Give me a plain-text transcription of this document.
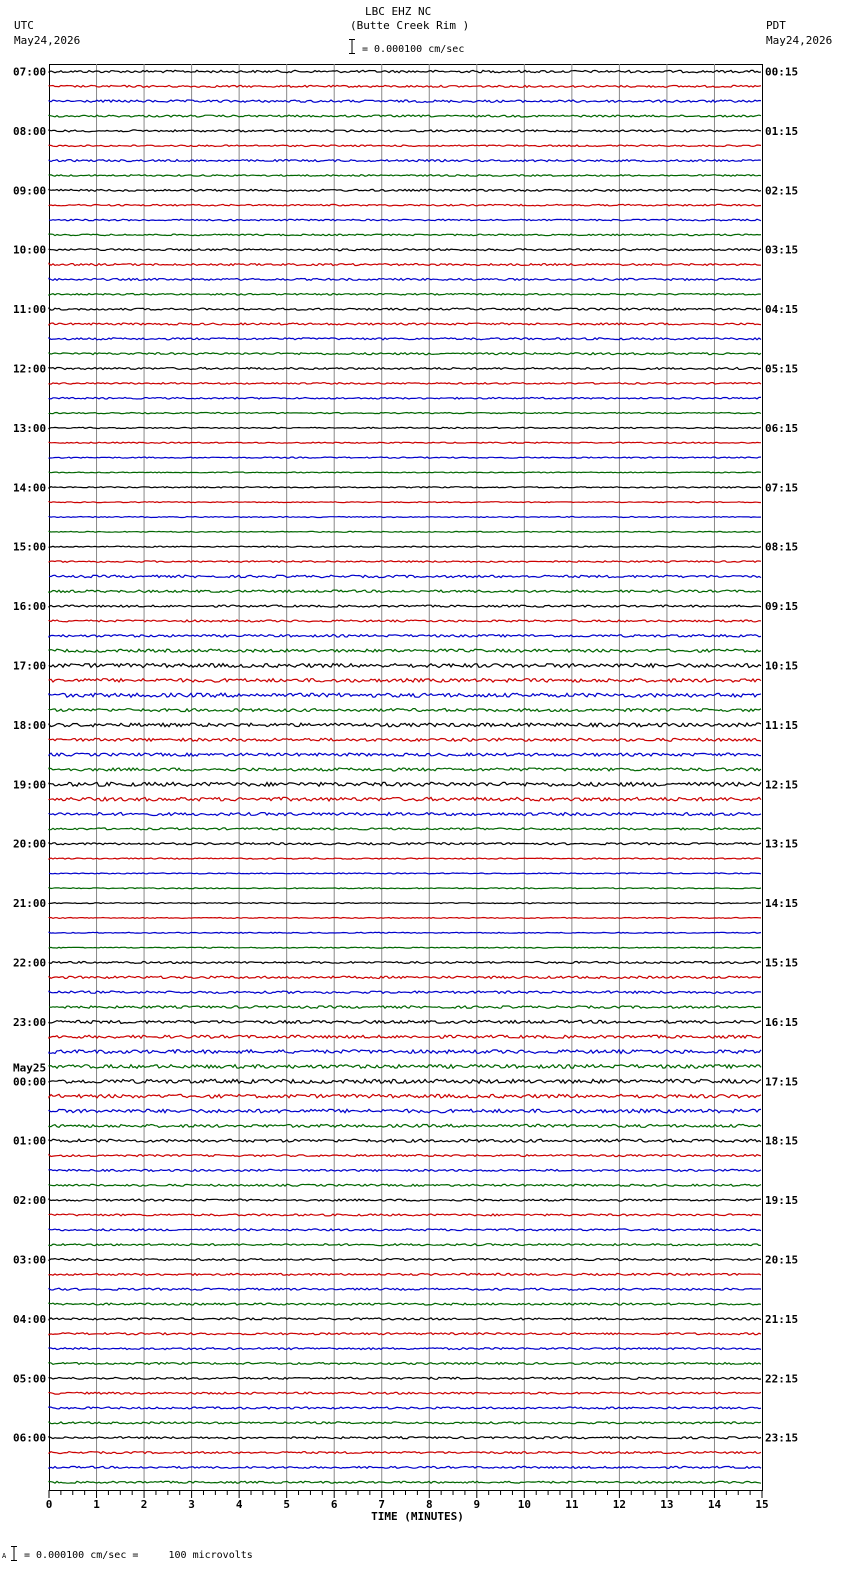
LBC EHZ NC
(Butte Creek Rim )
= 0.000100 cm/sec
UTC
May24,2026
PDT
May24,2026
07:00
08:00
09:00
10:00
11:00
12:00
13:00
14:00
15:00
16:00
17:00
18:00
19:00
20:00
21:00
22:00
23:00
00:00
May25
01:00
02:00
03:00
04:00
05:00
06:00
00:15
01:15
02:15
03:15
04:15
05:15
06:15
07:15
08:15
09:15
10:15
11:15
12:15
13:15
14:15
15:15
16:15
17:15
18:15
19:15
20:15
21:15
22:15
23:15
0	1	2	3	4	5	6	7	8	9	10	11	12	13	14	15
TIME (MINUTES)
A = 0.000100 cm/sec =     100 microvolts
